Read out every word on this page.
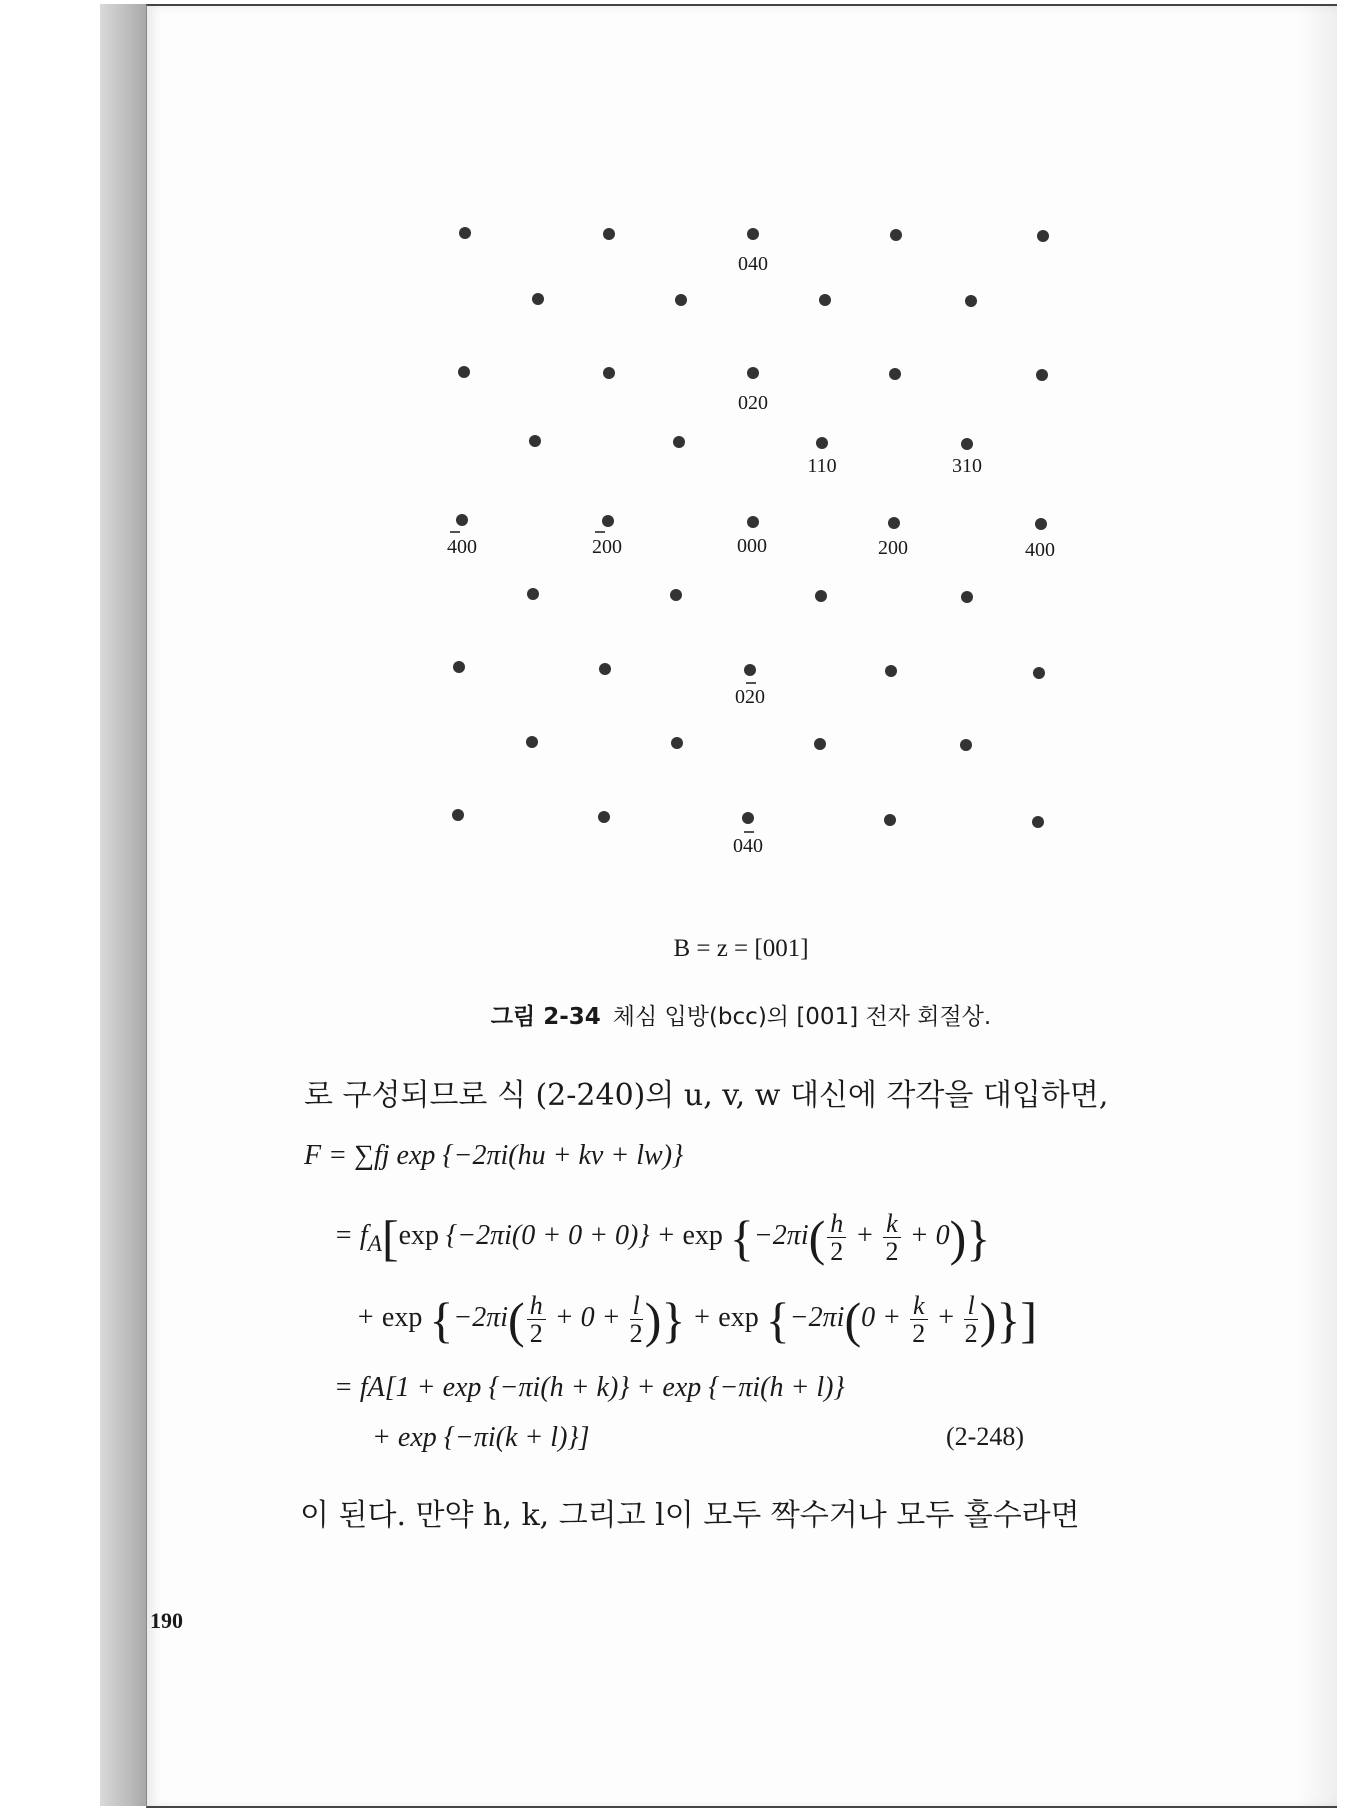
040
020
110	310
400	200	000	200	400
020
040
B = z = [001]
그림 2-34 체심 입방(bcc)의 [001] 전자 회절상.
로 구성되므로 식 (2-240)의 u, v, w 대신에 각각을 대입하면,
F = ∑fj exp {−2πi(hu + kv + lw)}
= $f_A[\exp$ $\{-2\pi i(0 + 0 + 0)\} + \exp \{-2\pi i( \frac{h}{2} + \frac{k}{2} + 0)\}$
+ $\exp \{-2\pi i( \frac{h}{2} + 0 + \frac{l}{2}$ )} + $\exp \{-2\pi i(0 + \frac{k}{2} + \frac{l}{2}$ )}]
= fA[1 + exp {−πi(h + k)} + exp {−πi(h + l)}
+ exp {−πi(k + l)}]	(2-248)
이 된다. 만약 h, k, 그리고 l이 모두 짝수거나 모두 홀수라면
190
